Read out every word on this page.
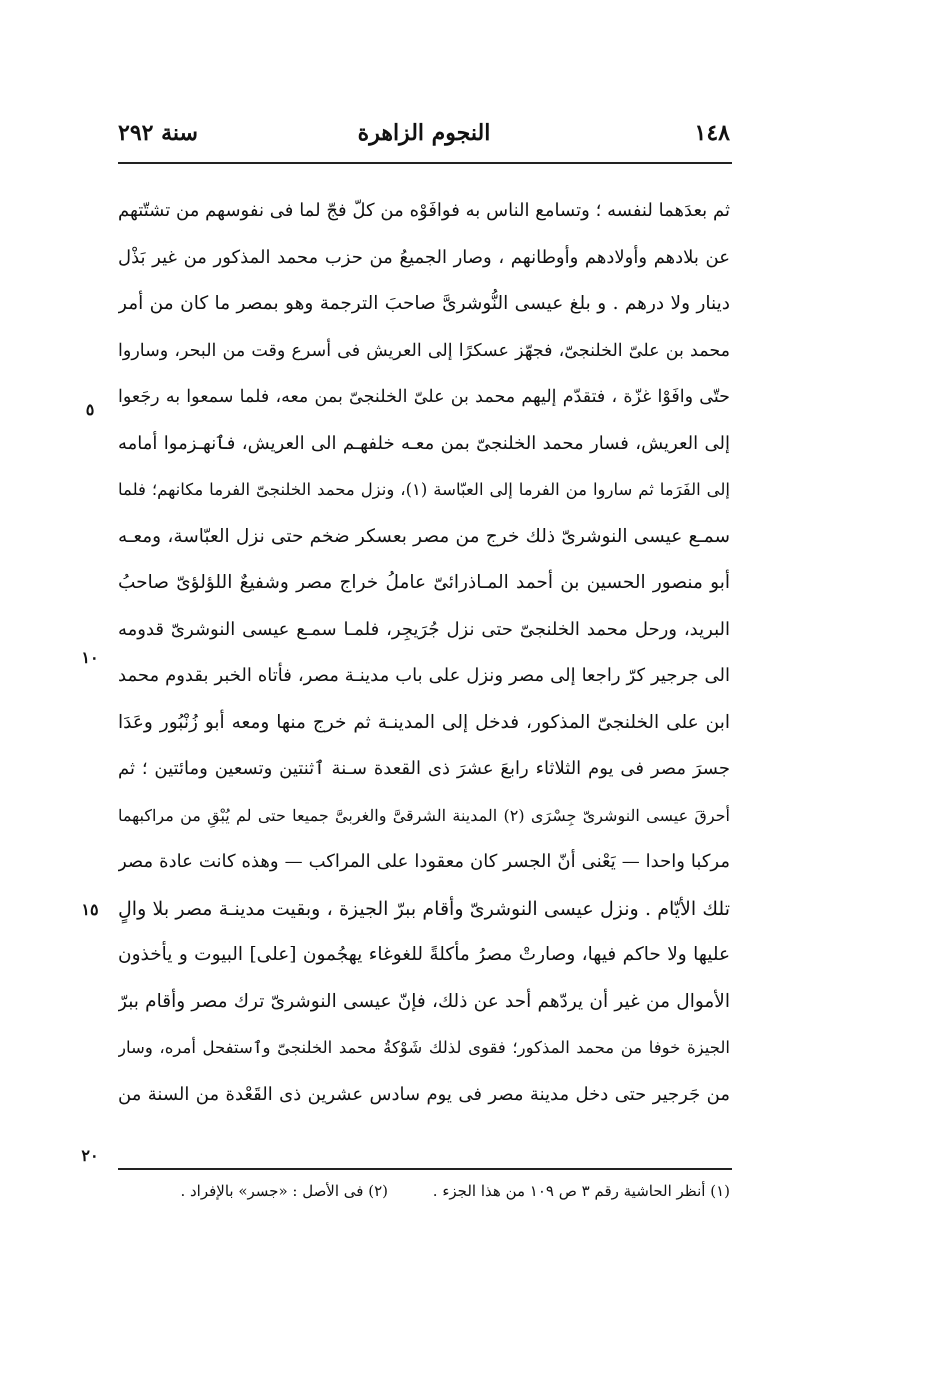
١٤٨
النجوم الزاهرة
سنة ٢٩٢
ثم بعدَهما لنفسه ؛ وتسامع الناس به فوافَوْه من كلّ فجّ لما فى نفوسهم من تشتّتهم
عن بلادهم وأولادهم وأوطانهم ، وصار الجميعُ من حزب محمد المذكور من غير بَذْل
دينار ولا درهم . و بلغ عيسى النُّوشرىَّ صاحبَ الترجمة وهو بمصر ما كان من أمر
محمد بن علىّ الخلنجىّ، فجهّز عسكرًا إلى العريش فى أسرع وقت من البحر، وساروا
حتّى وافَوْا غزّة ، فتقدّم إليهم محمد بن علىّ الخلنجىّ بمن معه، فلما سمعوا به رجَعوا
إلى العريش، فسار محمد الخلنجىّ بمن معـه خلفهـم الى العريش، فٱنهـزموا أمامه
إلى الفَرَما ثم ساروا من الفرما إلى العبّاسة (١)، ونزل محمد الخلنجىّ الفرما مكانهم؛ فلما
سمـع عيسى النوشرىّ ذلك خرج من مصر بعسكر ضخم حتى نزل العبّاسة، ومعـه
أبو منصور الحسين بن أحمد المـاذرائىّ عاملُ خراج مصر وشفيعٌ اللؤلؤىّ صاحبُ
البريد، ورحل محمد الخلنجىّ حتى نزل جُرَيجِر، فلمـا سمـع عيسى النوشرىّ قدومه
الى جرجير كرّ راجعا إلى مصر ونزل على باب مدينـة مصر، فأتاه الخبر بقدوم محمد
ابن على الخلنجىّ المذكور، فدخل إلى المدينـة ثم خرج منها ومعه أبو زُنْبُور وعَدَا
جسرَ مصر فى يوم الثلاثاء رابعَ عشرَ ذى القعدة سـنة ٱثنتين وتسعين ومائتين ؛ ثم
أحرقَ عيسى النوشرىّ جِسْرَى (٢) المدينة الشرقىَّ والغربىَّ جميعا حتى لم يُبْقِ من مراكبهما
مركبا واحدا — يَعْنى أنّ الجسر كان معقودا على المراكب — وهذه كانت عادة مصر
تلك الأيّام . ونزل عيسى النوشرىّ وأقام ببرّ الجيزة ، وبقيت مدينـة مصر بلا والٍ
عليها ولا حاكم فيها، وصارتْ مصرُ مأكلةً للغوغاء يهجُمون [على] البيوت و يأخذون
الأموال من غير أن يردّهم أحد عن ذلك، فإنّ عيسى النوشرىّ ترك مصر وأقام ببرّ
الجيزة خوفا من محمد المذكور؛ فقوى لذلك شَوْكةُ محمد الخلنجىّ وٱستفحل أمره، وسار
من جَرجير حتى دخل مدينة مصر فى يوم سادس عشرين ذى القَعْدة من السنة من
٥
١٠
١٥
٢٠
(١) أنظر الحاشية رقم ٣ ص ١٠٩ من هذا الجزء . (٢) فى الأصل : «جسر» بالإفراد .
